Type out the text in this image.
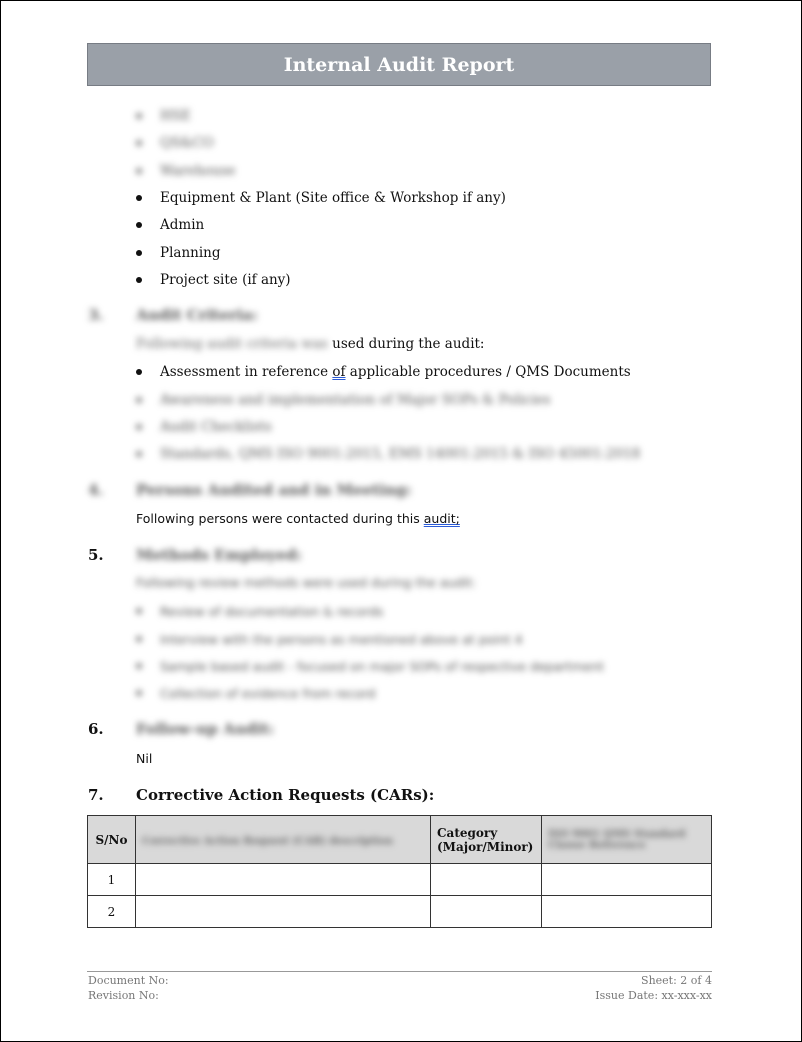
Internal Audit Report
HSE
QS&CO
Warehouse
Equipment & Plant (Site office & Workshop if any)
Admin
Planning
Project site (if any)
3. Audit Criteria:
Following audit criteria was used during the audit:
Assessment in reference of applicable procedures / QMS Documents
Awareness and implementation of Major SOPs & Policies
Audit Checklists
Standards, QMS ISO 9001:2015, EMS 14001:2015 & ISO 45001:2018
4. Persons Audited and in Meeting:
Following persons were contacted during this audit;
5. Methods Employed:
Following review methods were used during the audit:
Review of documentation & records
Interview with the persons as mentioned above at point 4
Sample based audit - focused on major SOPs of respective department
Collection of evidence from record
6. Follow-up Audit:
Nil
7. Corrective Action Requests (CARs):
S/No	Corrective Action Request (CAR) description	Category (Major/Minor)	ISO 9001 QMS Standard Clause Reference
1			
2			
Document No:
Revision No:
Sheet: 2 of 4
Issue Date: xx-xxx-xx
